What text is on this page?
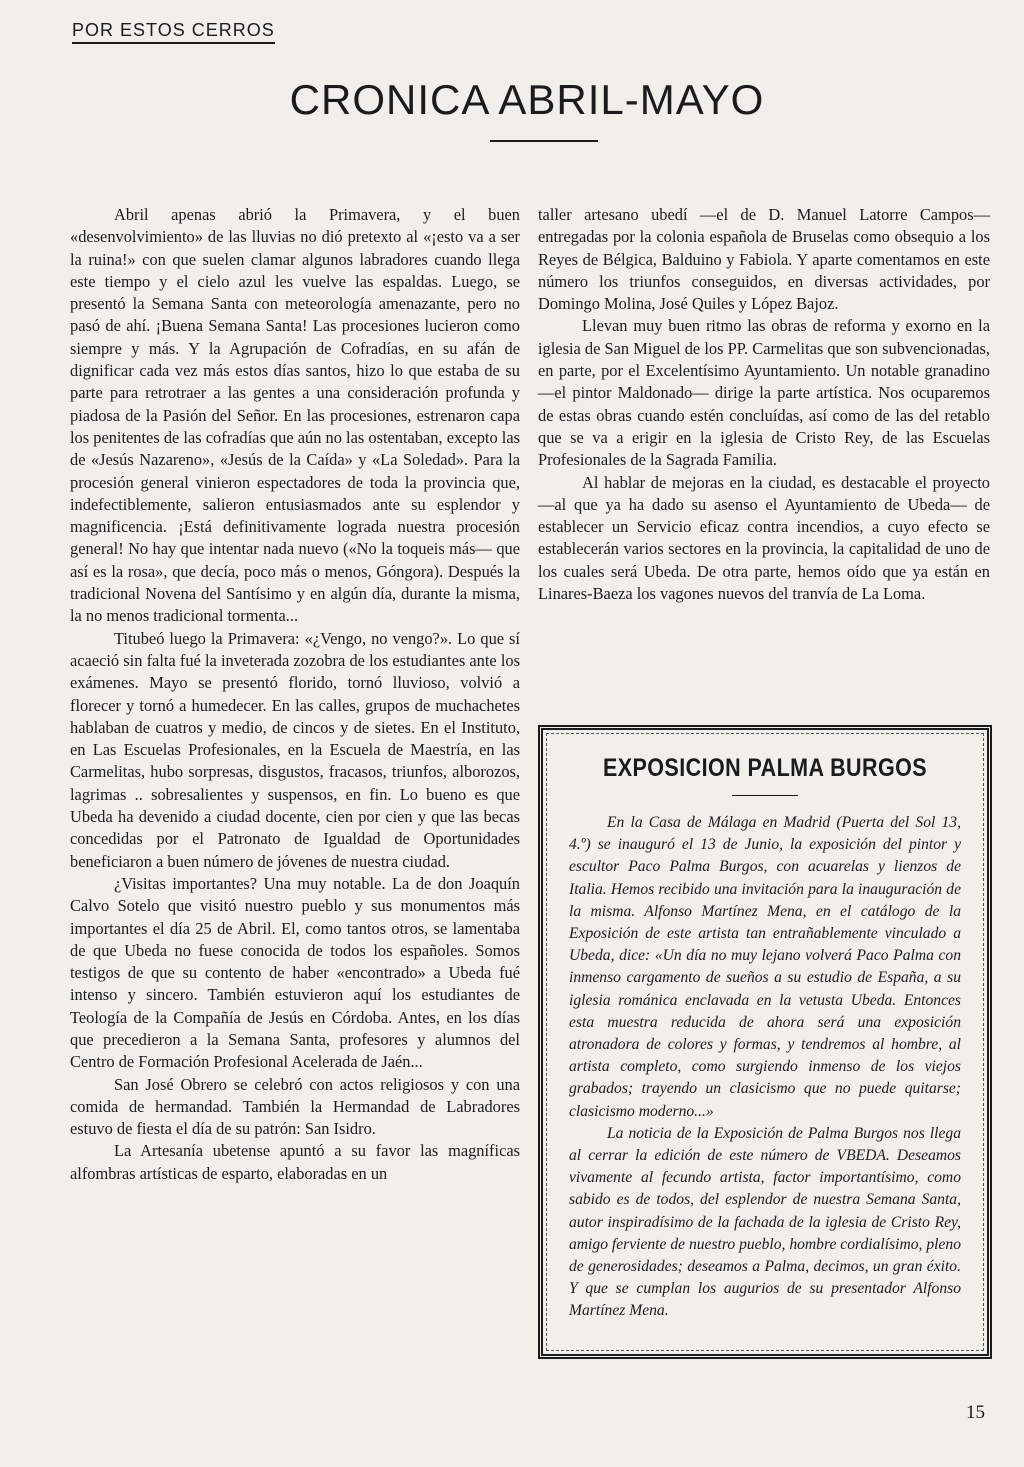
POR ESTOS CERROS
CRONICA ABRIL-MAYO

Abril apenas abrió la Primavera, y el buen «desenvolvimiento» de las lluvias no dió pretexto al «¡esto va a ser la ruina!» con que suelen clamar algunos labradores cuando llega este tiempo y el cielo azul les vuelve las espaldas. Luego, se presentó la Semana Santa con meteorología amenazante, pero no pasó de ahí. ¡Buena Semana Santa! Las procesiones lucieron como siempre y más. Y la Agrupación de Cofradías, en su afán de dignificar cada vez más estos días santos, hizo lo que estaba de su parte para retrotraer a las gentes a una consideración profunda y piadosa de la Pasión del Señor. En las procesiones, estrenaron capa los penitentes de las cofradías que aún no las ostentaban, excepto las de «Jesús Nazareno», «Jesús de la Caída» y «La Soledad». Para la procesión general vinieron espectadores de toda la provincia que, indefectiblemente, salieron entusiasmados ante su esplendor y magnificencia. ¡Está definitivamente lograda nuestra procesión general! No hay que intentar nada nuevo («No la toqueis más— que así es la rosa», que decía, poco más o menos, Góngora). Después la tradicional Novena del Santísimo y en algún día, durante la misma, la no menos tradicional tormenta...

Titubeó luego la Primavera: «¿Vengo, no vengo?». Lo que sí acaeció sin falta fué la inveterada zozobra de los estudiantes ante los exámenes. Mayo se presentó florido, tornó lluvioso, volvió a florecer y tornó a humedecer. En las calles, grupos de muchachetes hablaban de cuatros y medio, de cincos y de sietes. En el Instituto, en Las Escuelas Profesionales, en la Escuela de Maestría, en las Carmelitas, hubo sorpresas, disgustos, fracasos, triunfos, alborozos, lagrimas .. sobresalientes y suspensos, en fin. Lo bueno es que Ubeda ha devenido a ciudad docente, cien por cien y que las becas concedidas por el Patronato de Igualdad de Oportunidades beneficiaron a buen número de jóvenes de nuestra ciudad.

¿Visitas importantes? Una muy notable. La de don Joaquín Calvo Sotelo que visitó nuestro pueblo y sus monumentos más importantes el día 25 de Abril. El, como tantos otros, se lamentaba de que Ubeda no fuese conocida de todos los españoles. Somos testigos de que su contento de haber «encontrado» a Ubeda fué intenso y sincero. También estuvieron aquí los estudiantes de Teología de la Compañía de Jesús en Córdoba. Antes, en los días que precedieron a la Semana Santa, profesores y alumnos del Centro de Formación Profesional Acelerada de Jaén...

San José Obrero se celebró con actos religiosos y con una comida de hermandad. También la Hermandad de Labradores estuvo de fiesta el día de su patrón: San Isidro.

La Artesanía ubetense apuntó a su favor las magníficas alfombras artísticas de esparto, elaboradas en un

taller artesano ubedí —el de D. Manuel Latorre Campos— entregadas por la colonia española de Bruselas como obsequio a los Reyes de Bélgica, Balduino y Fabiola. Y aparte comentamos en este número los triunfos conseguidos, en diversas actividades, por Domingo Molina, José Quiles y López Bajoz.

Llevan muy buen ritmo las obras de reforma y exorno en la iglesia de San Miguel de los PP. Carmelitas que son subvencionadas, en parte, por el Excelentísimo Ayuntamiento. Un notable granadino —el pintor Maldonado— dirige la parte artística. Nos ocuparemos de estas obras cuando estén concluídas, así como de las del retablo que se va a erigir en la iglesia de Cristo Rey, de las Escuelas Profesionales de la Sagrada Familia.

Al hablar de mejoras en la ciudad, es destacable el proyecto —al que ya ha dado su asenso el Ayuntamiento de Ubeda— de establecer un Servicio eficaz contra incendios, a cuyo efecto se establecerán varios sectores en la provincia, la capitalidad de uno de los cuales será Ubeda. De otra parte, hemos oído que ya están en Linares-Baeza los vagones nuevos del tranvía de La Loma.

EXPOSICION PALMA BURGOS

En la Casa de Málaga en Madrid (Puerta del Sol 13, 4.º) se inauguró el 13 de Junio, la exposición del pintor y escultor Paco Palma Burgos, con acuarelas y lienzos de Italia. Hemos recibido una invitación para la inauguración de la misma. Alfonso Martínez Mena, en el catálogo de la Exposición de este artista tan entrañablemente vinculado a Ubeda, dice: «Un día no muy lejano volverá Paco Palma con inmenso cargamento de sueños a su estudio de España, a su iglesia románica enclavada en la vetusta Ubeda. Entonces esta muestra reducida de ahora será una exposición atronadora de colores y formas, y tendremos al hombre, al artista completo, como surgiendo inmenso de los viejos grabados; trayendo un clasicismo que no puede quitarse; clasicismo moderno...»

La noticia de la Exposición de Palma Burgos nos llega al cerrar la edición de este número de VBEDA. Deseamos vivamente al fecundo artista, factor importantísimo, como sabido es de todos, del esplendor de nuestra Semana Santa, autor inspiradísimo de la fachada de la iglesia de Cristo Rey, amigo ferviente de nuestro pueblo, hombre cordialísimo, pleno de generosidades; deseamos a Palma, decimos, un gran éxito. Y que se cumplan los augurios de su presentador Alfonso Martínez Mena.

15
